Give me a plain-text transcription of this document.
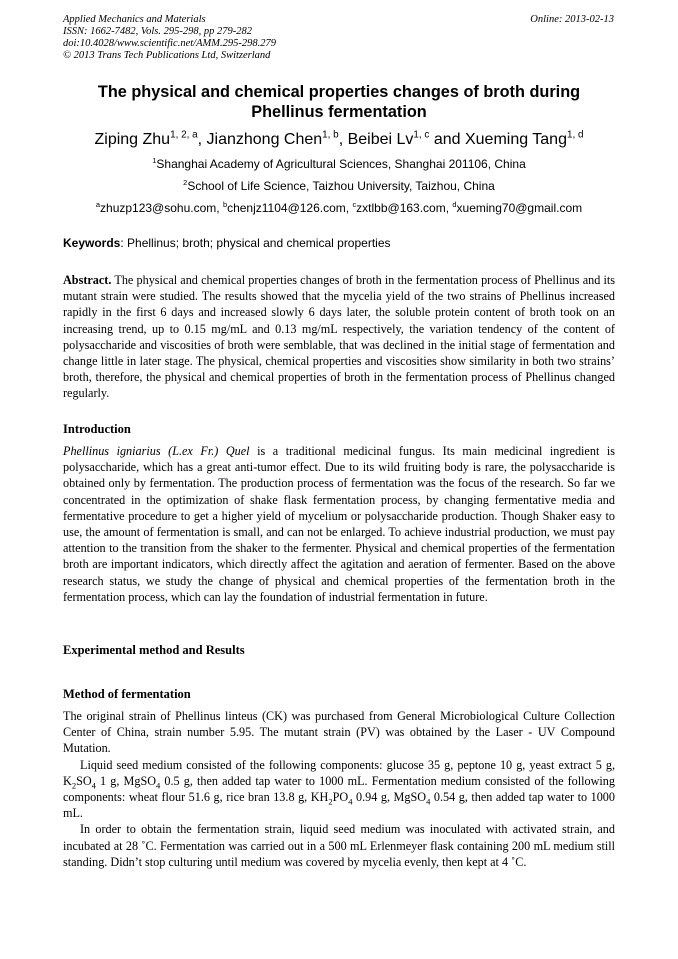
Applied Mechanics and Materials
ISSN: 1662-7482, Vols. 295-298, pp 279-282
doi:10.4028/www.scientific.net/AMM.295-298.279
© 2013 Trans Tech Publications Ltd, Switzerland
Online: 2013-02-13
The physical and chemical properties changes of broth during Phellinus fermentation
Ziping Zhu$^{1, 2, a}$, Jianzhong Chen$^{1, b}$, Beibei Lv$^{1, c}$ and Xueming Tang$^{1, d}$
$^1$Shanghai Academy of Agricultural Sciences, Shanghai 201106, China
$^2$School of Life Science, Taizhou University, Taizhou, China
$^a$zhuzp123@sohu.com, $^b$chenjz1104@126.com, $^c$zxtlbb@163.com, $^d$xueming70@gmail.com
Keywords: Phellinus; broth; physical and chemical properties
Abstract. The physical and chemical properties changes of broth in the fermentation process of Phellinus and its mutant strain were studied. The results showed that the mycelia yield of the two strains of Phellinus increased rapidly in the first 6 days and increased slowly 6 days later, the soluble protein content of broth took on an increasing trend, up to 0.15 mg/mL and 0.13 mg/mL respectively, the variation tendency of the content of polysaccharide and viscosities of broth were semblable, that was declined in the initial stage of fermentation and change little in later stage. The physical, chemical properties and viscosities show similarity in both two strains’ broth, therefore, the physical and chemical properties of broth in the fermentation process of Phellinus changed regularly.
Introduction
Phellinus igniarius (L.ex Fr.) Quel is a traditional medicinal fungus. Its main medicinal ingredient is polysaccharide, which has a great anti-tumor effect. Due to its wild fruiting body is rare, the polysaccharide is obtained only by fermentation. The production process of fermentation was the focus of the research. So far we concentrated in the optimization of shake flask fermentation process, by changing fermentative media and fermentative procedure to get a higher yield of mycelium or polysaccharide production. Though Shaker easy to use, the amount of fermentation is small, and can not be enlarged. To achieve industrial production, we must pay attention to the transition from the shaker to the fermenter. Physical and chemical properties of the fermentation broth are important indicators, which directly affect the agitation and aeration of fermenter. Based on the above research status, we study the change of physical and chemical properties of the fermentation broth in the fermentation process, which can lay the foundation of industrial fermentation in future.
Experimental method and Results
Method of fermentation
The original strain of Phellinus linteus (CK) was purchased from General Microbiological Culture Collection Center of China, strain number 5.95. The mutant strain (PV) was obtained by the Laser - UV Compound Mutation.
Liquid seed medium consisted of the following components: glucose 35 g, peptone 10 g, yeast extract 5 g, $K_2SO_4$ 1 g, MgSO$_4$ 0.5 g, then added tap water to 1000 mL. Fermentation medium consisted of the following components: wheat flour 51.6 g, rice bran 13.8 g, $KH_2PO_4$ 0.94 g, MgSO$_4$ 0.54 g, then added tap water to 1000 mL.
In order to obtain the fermentation strain, liquid seed medium was inoculated with activated strain, and incubated at 28 ˚C. Fermentation was carried out in a 500 mL Erlenmeyer flask containing 200 mL medium still standing. Didn’t stop culturing until medium was covered by mycelia evenly, then kept at 4 ˚C.
